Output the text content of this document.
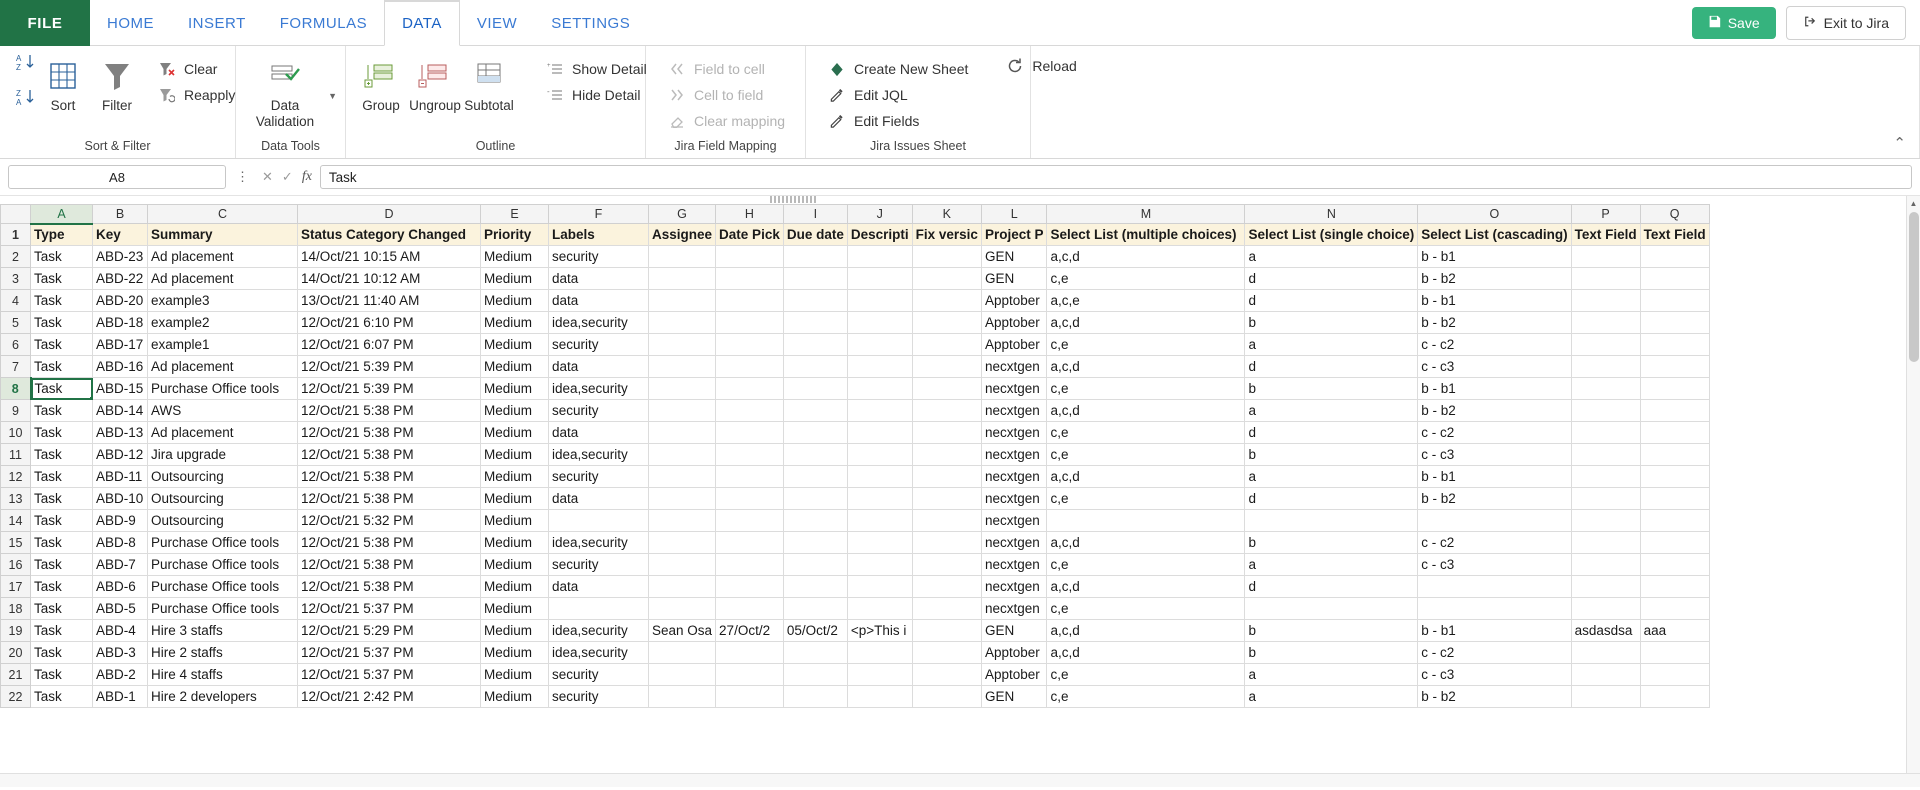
FILE	HOME	INSERT	FORMULAS	DATA	VIEW	SETTINGS	Save	Exit to Jira
A
Z
Z
A Sort Filter
Clear
Reapply
Sort & Filter
Data Validation
▼
Data Tools
Group Ungroup Subtotal
+ Show Detail
- Hide Detail
Outline
Field to cell
Cell to field
Clear mapping
Jira Field Mapping
Create New Sheet
Edit JQL
Edit Fields
Reload
Jira Issues Sheet	⌃
A8	⋮ ✕ ✓ fx	Task
	A	B	C	D	E	F	G	H	I	J	K	L	M	N	O	P	Q
1	Type	Key	Summary	Status Category Changed	Priority	Labels	Assignee	Date Pick	Due date	Descripti	Fix versic	Project P	Select List (multiple choices)	Select List (single choice)	Select List (cascading)	Text Field	Text Field
2	Task	ABD-23	Ad placement	14/Oct/21 10:15 AM	Medium	security						GEN	a,c,d	a	b - b1		
3	Task	ABD-22	Ad placement	14/Oct/21 10:12 AM	Medium	data						GEN	c,e	d	b - b2		
4	Task	ABD-20	example3	13/Oct/21 11:40 AM	Medium	data						Apptober	a,c,e	d	b - b1		
5	Task	ABD-18	example2	12/Oct/21 6:10 PM	Medium	idea,security						Apptober	a,c,d	b	b - b2		
6	Task	ABD-17	example1	12/Oct/21 6:07 PM	Medium	security						Apptober	c,e	a	c - c2		
7	Task	ABD-16	Ad placement	12/Oct/21 5:39 PM	Medium	data						necxtgen	a,c,d	d	c - c3		
8	Task	ABD-15	Purchase Office tools	12/Oct/21 5:39 PM	Medium	idea,security						necxtgen	c,e	b	b - b1		
9	Task	ABD-14	AWS	12/Oct/21 5:38 PM	Medium	security						necxtgen	a,c,d	a	b - b2		
10	Task	ABD-13	Ad placement	12/Oct/21 5:38 PM	Medium	data						necxtgen	c,e	d	c - c2		
11	Task	ABD-12	Jira upgrade	12/Oct/21 5:38 PM	Medium	idea,security						necxtgen	c,e	b	c - c3		
12	Task	ABD-11	Outsourcing	12/Oct/21 5:38 PM	Medium	security						necxtgen	a,c,d	a	b - b1		
13	Task	ABD-10	Outsourcing	12/Oct/21 5:38 PM	Medium	data						necxtgen	c,e	d	b - b2		
14	Task	ABD-9	Outsourcing	12/Oct/21 5:32 PM	Medium							necxtgen					
15	Task	ABD-8	Purchase Office tools	12/Oct/21 5:38 PM	Medium	idea,security						necxtgen	a,c,d	b	c - c2		
16	Task	ABD-7	Purchase Office tools	12/Oct/21 5:38 PM	Medium	security						necxtgen	c,e	a	c - c3		
17	Task	ABD-6	Purchase Office tools	12/Oct/21 5:38 PM	Medium	data						necxtgen	a,c,d	d			
18	Task	ABD-5	Purchase Office tools	12/Oct/21 5:37 PM	Medium							necxtgen	c,e				
19	Task	ABD-4	Hire 3 staffs	12/Oct/21 5:29 PM	Medium	idea,security	Sean Osa	27/Oct/2	05/Oct/2	<p>This i		GEN	a,c,d	b	b - b1	asdasdsa	aaa
20	Task	ABD-3	Hire 2 staffs	12/Oct/21 5:37 PM	Medium	idea,security						Apptober	a,c,d	b	c - c2		
21	Task	ABD-2	Hire 4 staffs	12/Oct/21 5:37 PM	Medium	security						Apptober	c,e	a	c - c3		
22	Task	ABD-1	Hire 2 developers	12/Oct/21 2:42 PM	Medium	security						GEN	c,e	a	b - b2		
▲
